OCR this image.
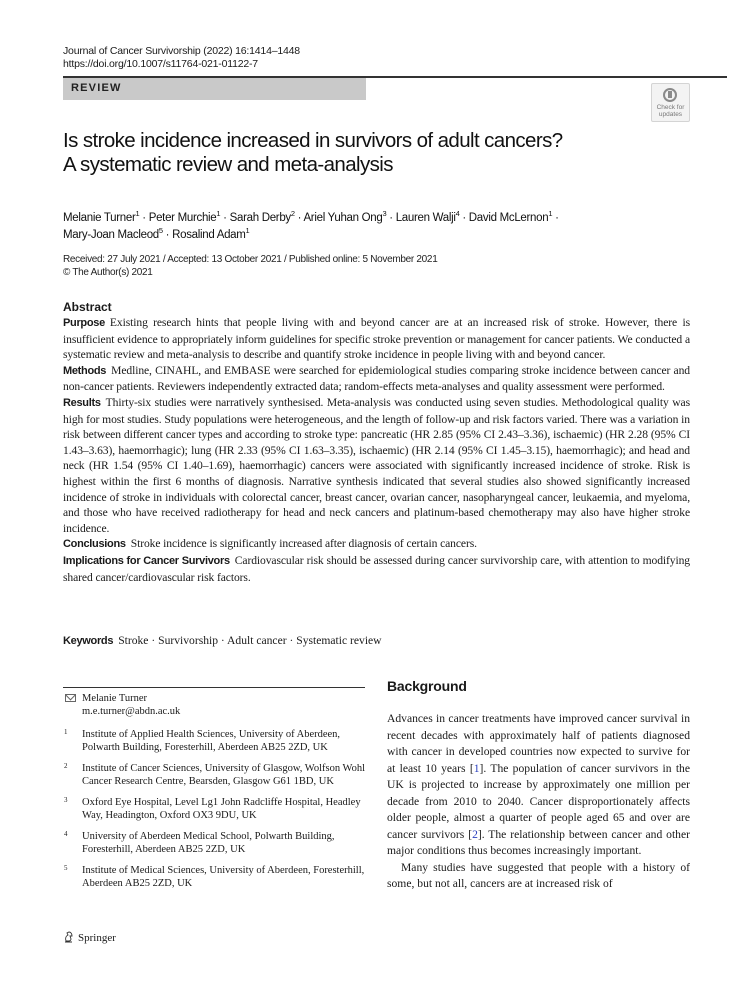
Journal of Cancer Survivorship (2022) 16:1414–1448
https://doi.org/10.1007/s11764-021-01122-7
REVIEW
Check for
updates
Is stroke incidence increased in survivors of adult cancers?
A systematic review and meta-analysis
Melanie Turner$^1$ · Peter Murchie$^1$ · Sarah Derby$^2$ · Ariel Yuhan Ong$^3$ · Lauren Walji$^4$ · David McLernon$^1$ ·
Mary-Joan Macleod$^5$ · Rosalind Adam$^1$
Received: 27 July 2021 / Accepted: 13 October 2021 / Published online: 5 November 2021
© The Author(s) 2021
Abstract

Purpose Existing research hints that people living with and beyond cancer are at an increased risk of stroke. However, there is insufficient evidence to appropriately inform guidelines for specific stroke prevention or management for cancer patients. We conducted a systematic review and meta-analysis to describe and quantify stroke incidence in people living with and beyond cancer.

Methods Medline, CINAHL, and EMBASE were searched for epidemiological studies comparing stroke incidence between cancer and non-cancer patients. Reviewers independently extracted data; random-effects meta-analyses and quality assessment were performed.

Results Thirty-six studies were narratively synthesised. Meta-analysis was conducted using seven studies. Methodological quality was high for most studies. Study populations were heterogeneous, and the length of follow-up and risk factors varied. There was a variation in risk between different cancer types and according to stroke type: pancreatic (HR 2.85 (95% CI 2.43–3.36), ischaemic) (HR 2.28 (95% CI 1.43–3.63), haemorrhagic); lung (HR 2.33 (95% CI 1.63–3.35), ischaemic) (HR 2.14 (95% CI 1.45–3.15), haemorrhagic); and head and neck (HR 1.54 (95% CI 1.40–1.69), haemorrhagic) cancers were associated with significantly increased incidence of stroke. Risk is highest within the first 6 months of diagnosis. Narrative synthesis indicated that several studies also showed significantly increased incidence of stroke in individuals with colorectal cancer, breast cancer, ovarian cancer, nasopharyngeal cancer, leukaemia, and myeloma, and those who have received radiotherapy for head and neck cancers and platinum-based chemotherapy may also have higher stroke incidence.

Conclusions Stroke incidence is significantly increased after diagnosis of certain cancers.

Implications for Cancer Survivors Cardiovascular risk should be assessed during cancer survivorship care, with attention to modifying shared cancer/cardiovascular risk factors.

Keywords Stroke · Survivorship · Adult cancer · Systematic review
Melanie Turner
m.e.turner@abdn.ac.uk
1 Institute of Applied Health Sciences, University of Aberdeen, Polwarth Building, Foresterhill, Aberdeen AB25 2ZD, UK
2 Institute of Cancer Sciences, University of Glasgow, Wolfson Wohl Cancer Research Centre, Bearsden, Glasgow G61 1BD, UK
3 Oxford Eye Hospital, Level Lg1 John Radcliffe Hospital, Headley Way, Headington, Oxford OX3 9DU, UK
4 University of Aberdeen Medical School, Polwarth Building, Foresterhill, Aberdeen AB25 2ZD, UK
5 Institute of Medical Sciences, University of Aberdeen, Foresterhill, Aberdeen AB25 2ZD, UK
Background

Advances in cancer treatments have improved cancer survival in recent decades with approximately half of patients diagnosed with cancer in developed countries now expected to survive for at least 10 years [1]. The population of cancer survivors in the UK is projected to increase by approximately one million per decade from 2010 to 2040. Cancer disproportionately affects older people, almost a quarter of people aged 65 and over are cancer survivors [2]. The relationship between cancer and other major conditions thus becomes increasingly important.

Many studies have suggested that people with a history of some, but not all, cancers are at increased risk of

Springer
